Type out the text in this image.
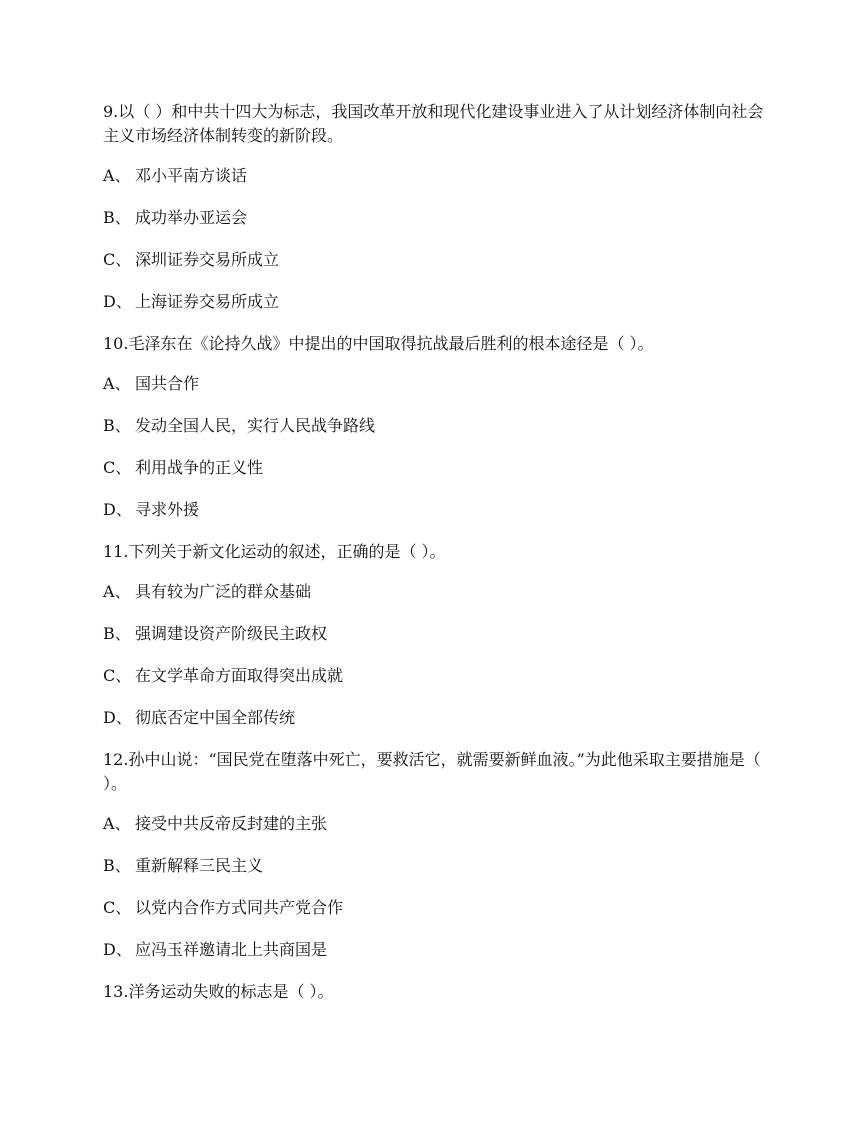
9.以（ ）和中共十四大为标志，我国改革开放和现代化建设事业进入了从计划经济体制向社会主义市场经济体制转变的新阶段。

A、 邓小平南方谈话
B、 成功举办亚运会
C、 深圳证券交易所成立
D、 上海证券交易所成立

10.毛泽东在《论持久战》中提出的中国取得抗战最后胜利的根本途径是（ ）。

A、 国共合作
B、 发动全国人民，实行人民战争路线
C、 利用战争的正义性
D、 寻求外援

11.下列关于新文化运动的叙述，正确的是（ ）。

A、 具有较为广泛的群众基础
B、 强调建设资产阶级民主政权
C、 在文学革命方面取得突出成就
D、 彻底否定中国全部传统

12.孙中山说：“国民党在堕落中死亡，要救活它，就需要新鲜血液。”为此他采取主要措施是（ ）。

A、 接受中共反帝反封建的主张
B、 重新解释三民主义
C、 以党内合作方式同共产党合作
D、 应冯玉祥邀请北上共商国是

13.洋务运动失败的标志是（ ）。
